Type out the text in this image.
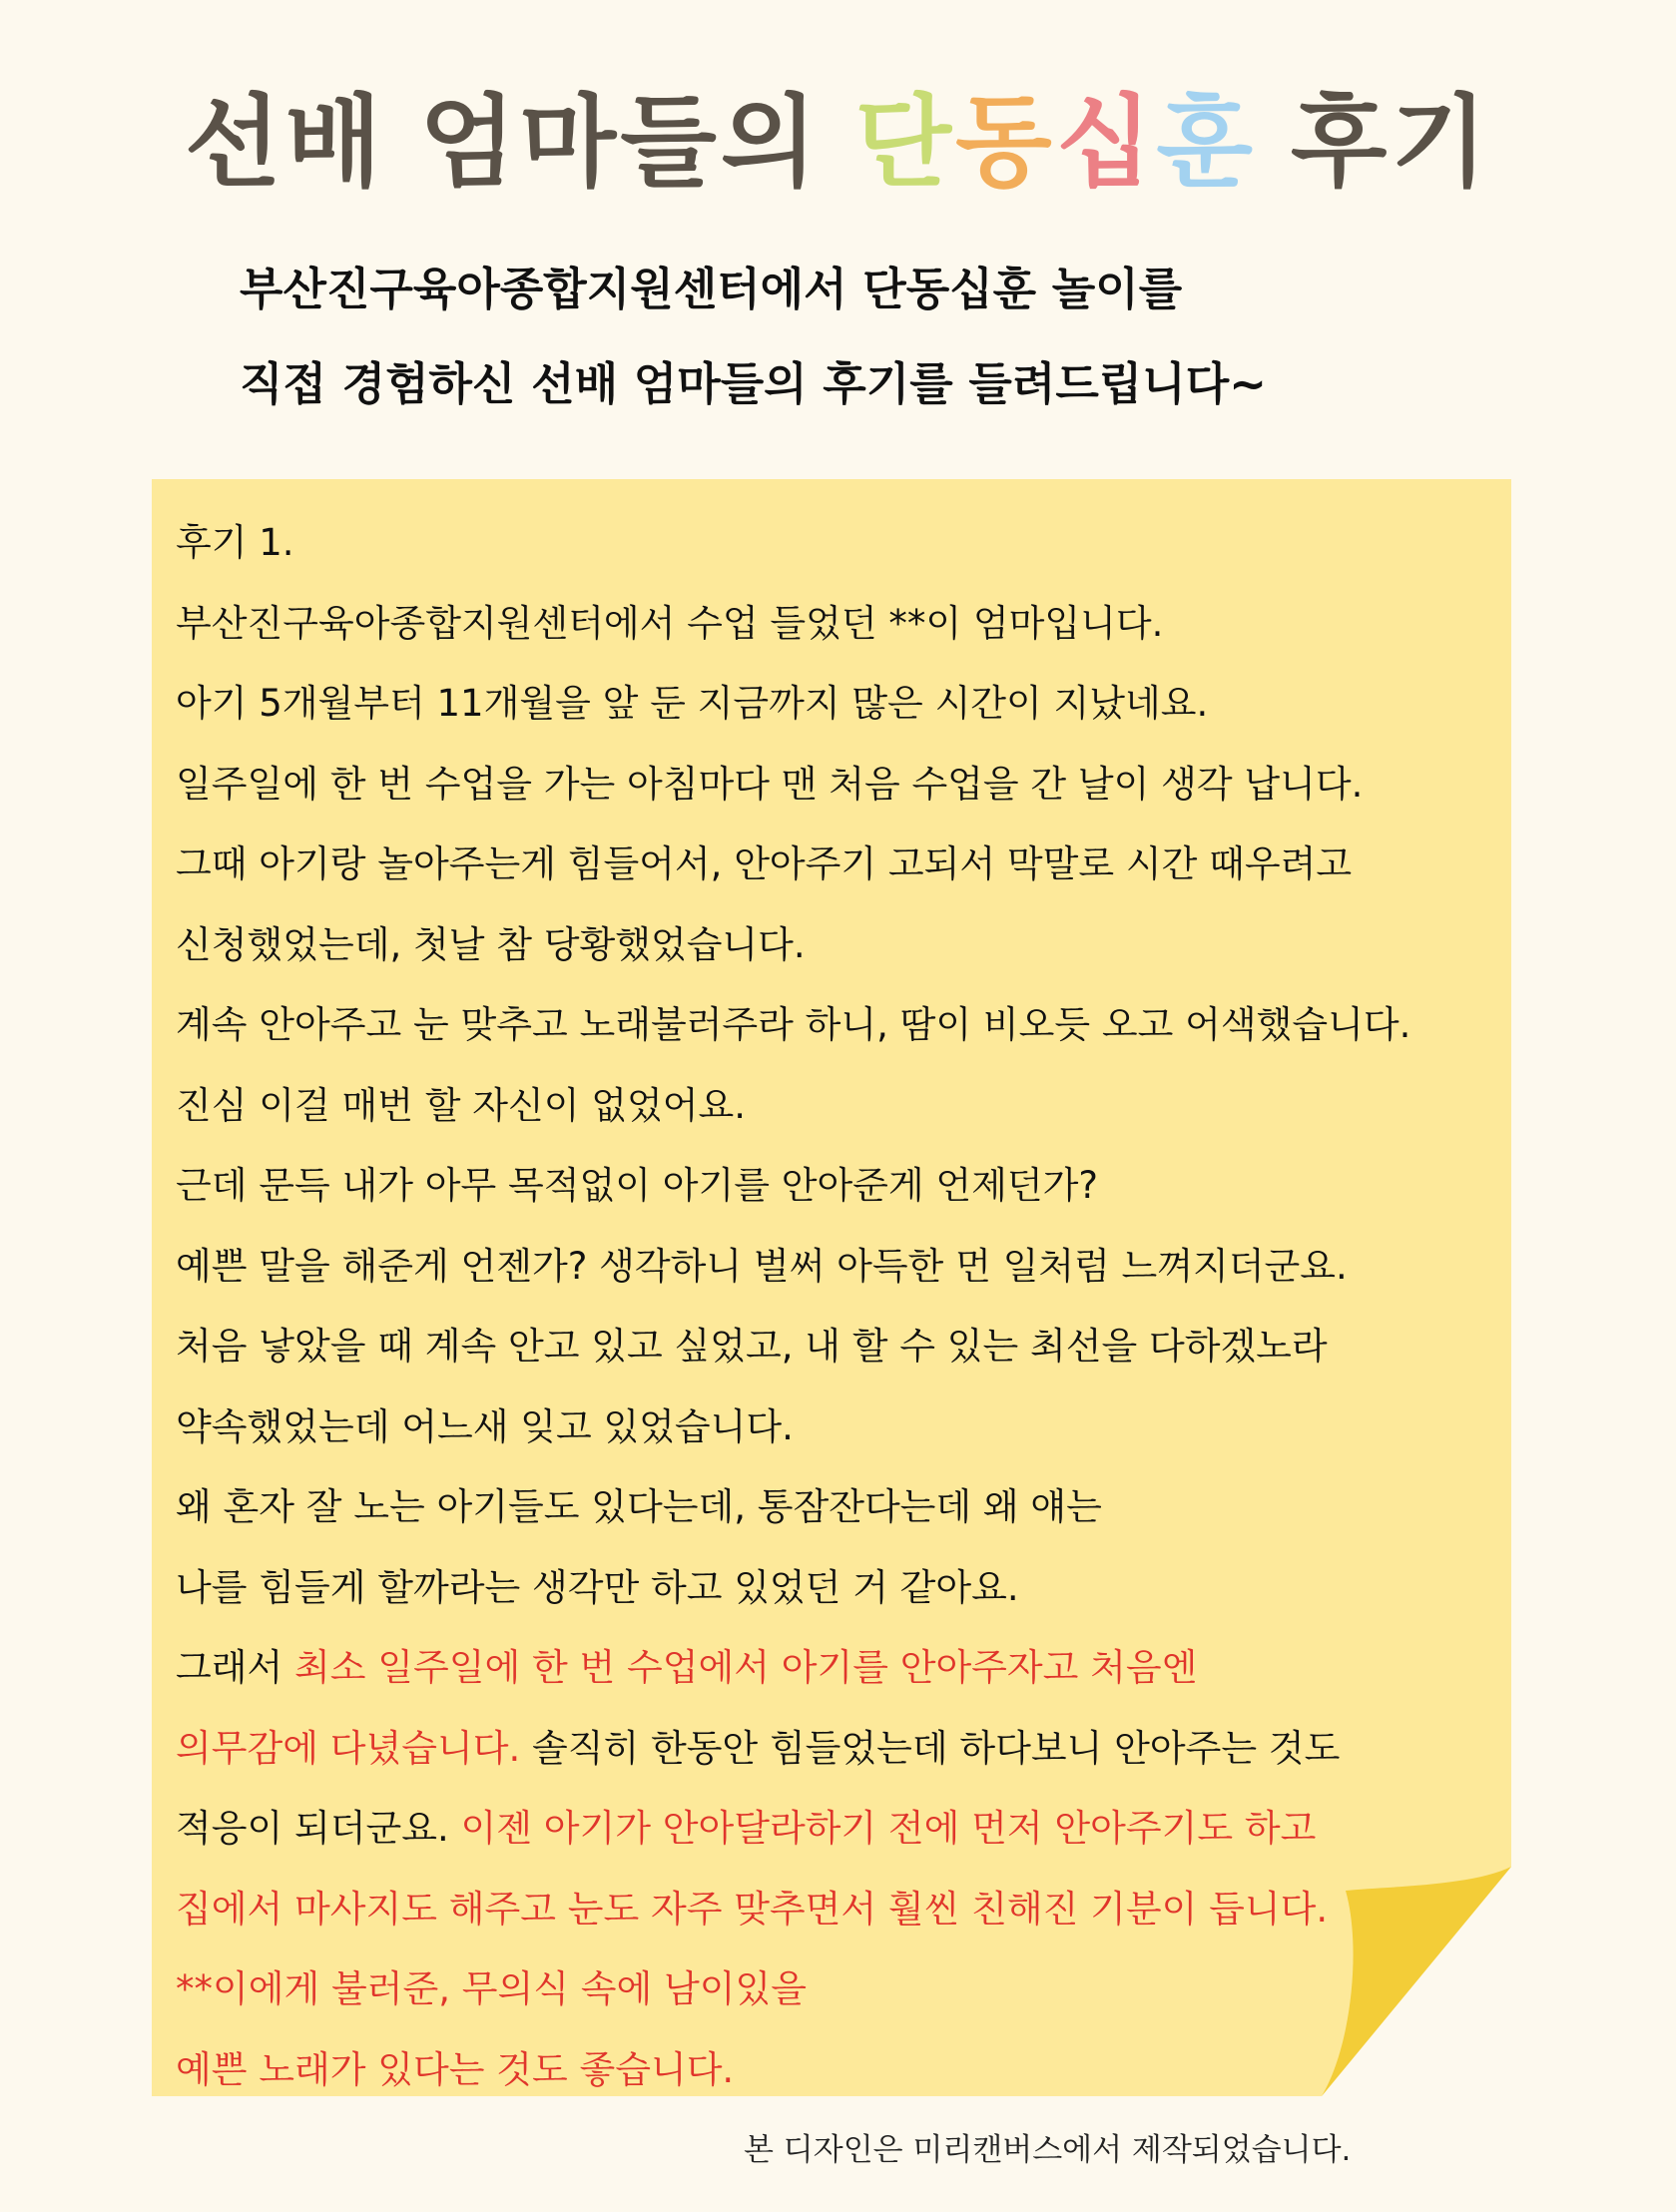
선배 엄마들의 단동십훈 후기
부산진구육아종합지원센터에서 단동십훈 놀이를
직접 경험하신 선배 엄마들의 후기를 들려드립니다~
후기 1.
부산진구육아종합지원센터에서 수업 들었던 **이 엄마입니다.
아기 5개월부터 11개월을 앞 둔 지금까지 많은 시간이 지났네요.
일주일에 한 번 수업을 가는 아침마다 맨 처음 수업을 간 날이 생각 납니다.
그때 아기랑 놀아주는게 힘들어서, 안아주기 고되서 막말로 시간 때우려고
신청했었는데, 첫날 참 당황했었습니다.
계속 안아주고 눈 맞추고 노래불러주라 하니, 땀이 비오듯 오고 어색했습니다.
진심 이걸 매번 할 자신이 없었어요.
근데 문득 내가 아무 목적없이 아기를 안아준게 언제던가?
예쁜 말을 해준게 언젠가? 생각하니 벌써 아득한 먼 일처럼 느껴지더군요.
처음 낳았을 때 계속 안고 있고 싶었고, 내 할 수 있는 최선을 다하겠노라
약속했었는데 어느새 잊고 있었습니다.
왜 혼자 잘 노는 아기들도 있다는데, 통잠잔다는데 왜 얘는
나를 힘들게 할까라는 생각만 하고 있었던 거 같아요.
그래서 최소 일주일에 한 번 수업에서 아기를 안아주자고 처음엔
의무감에 다녔습니다. 솔직히 한동안 힘들었는데 하다보니 안아주는 것도
적응이 되더군요. 이젠 아기가 안아달라하기 전에 먼저 안아주기도 하고
집에서 마사지도 해주고 눈도 자주 맞추면서 훨씬 친해진 기분이 듭니다.
**이에게 불러준, 무의식 속에 남이있을
예쁜 노래가 있다는 것도 좋습니다.
본 디자인은 미리캔버스에서 제작되었습니다.
